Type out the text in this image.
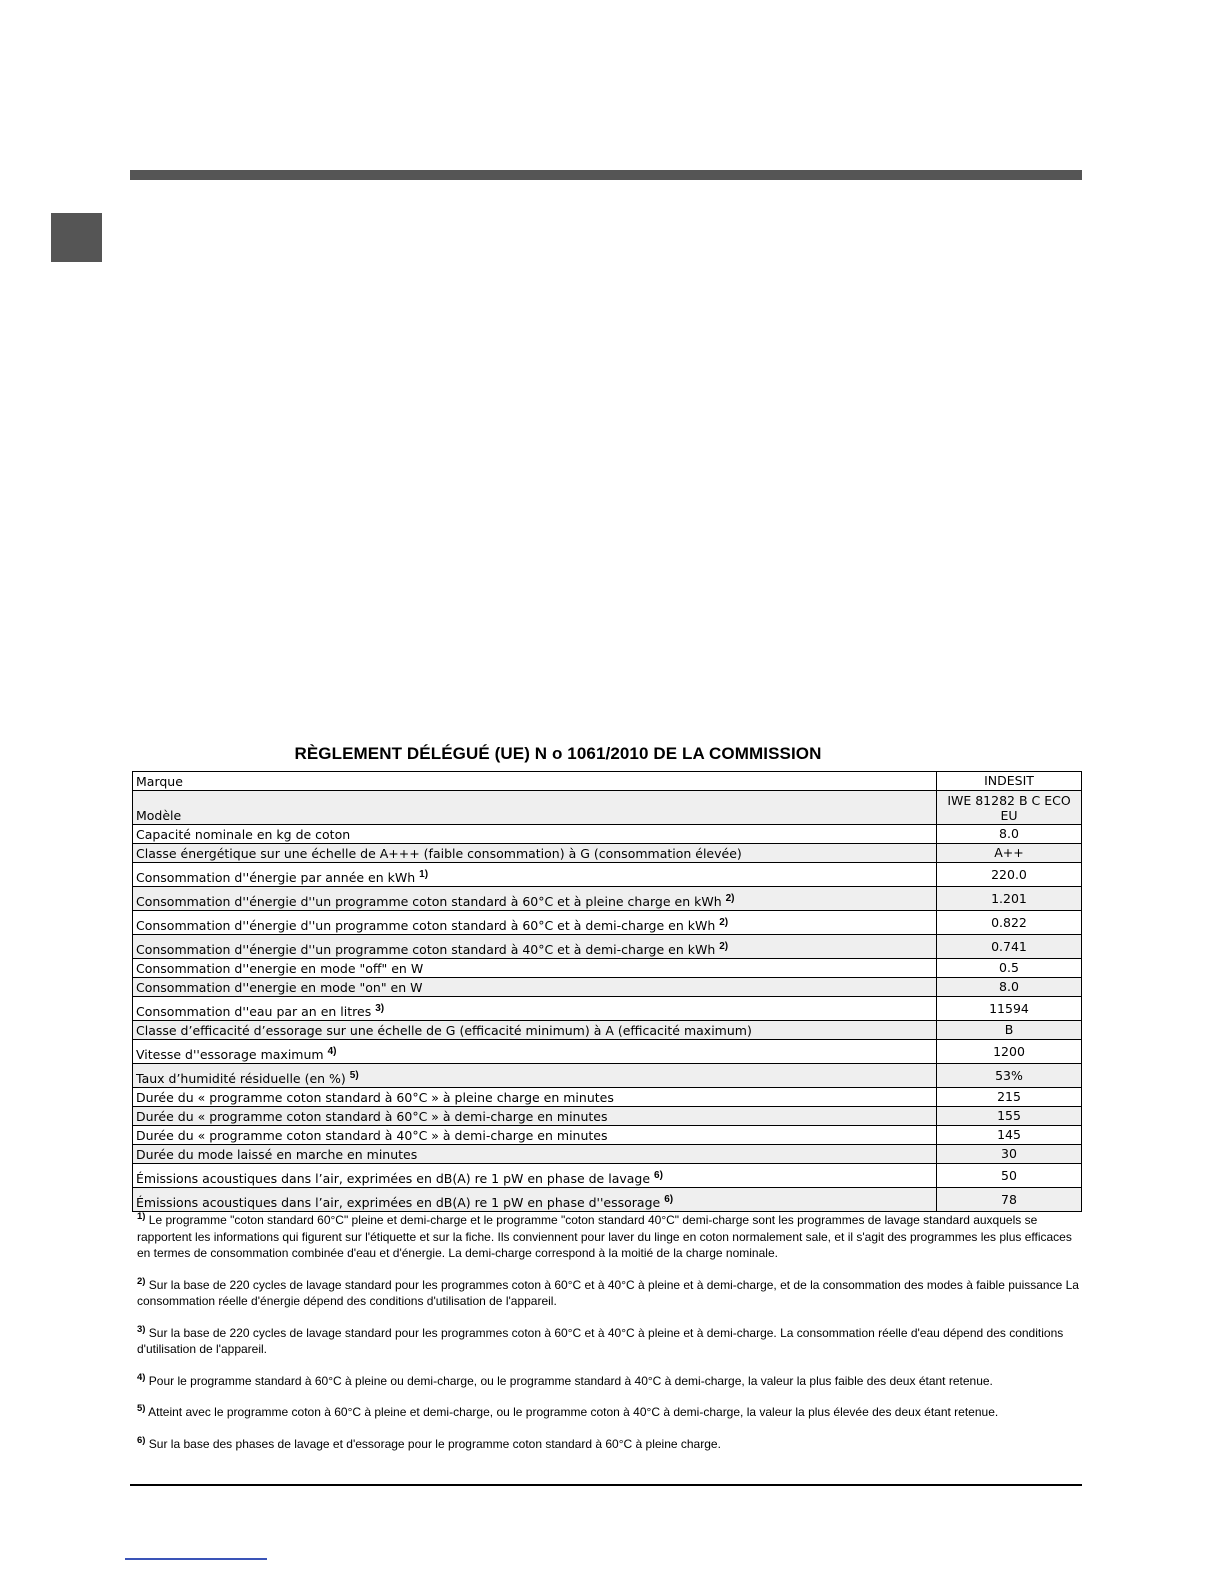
RÈGLEMENT DÉLÉGUÉ (UE) N o 1061/2010 DE LA COMMISSION
Marque	INDESIT
Modèle	IWE 81282 B C ECO EU
Capacité nominale en kg de coton	8.0
Classe énergétique sur une échelle de A+++ (faible consommation) à G (consommation élevée)	A++
Consommation d''énergie par année en kWh $^{1)}$	220.0
Consommation d''énergie d''un programme coton standard à 60°C et à pleine charge en kWh $^{2)}$	1.201
Consommation d''énergie d''un programme coton standard à 60°C et à demi-charge en kWh $^{2)}$	0.822
Consommation d''énergie d''un programme coton standard à 40°C et à demi-charge en kWh $^{2)}$	0.741
Consommation d''energie en mode "off" en W	0.5
Consommation d''energie en mode "on" en W	8.0
Consommation d''eau par an en litres $^{3)}$	11594
Classe d’efficacité d’essorage sur une échelle de G (efficacité minimum) à A (efficacité maximum)	B
Vitesse d''essorage maximum $^{4)}$	1200
Taux d’humidité résiduelle (en %) $^{5)}$	53%
Durée du « programme coton standard à 60°C » à pleine charge en minutes	215
Durée du « programme coton standard à 60°C » à demi-charge en minutes	155
Durée du « programme coton standard à 40°C » à demi-charge en minutes	145
Durée du mode laissé en marche en minutes	30
Émissions acoustiques dans l’air, exprimées en dB(A) re 1 pW en phase de lavage $^{6)}$	50
Émissions acoustiques dans l’air, exprimées en dB(A) re 1 pW en phase d''essorage $^{6)}$	78
$^{1)}$ Le programme "coton standard 60°C" pleine et demi-charge et le programme "coton standard 40°C" demi-charge sont les programmes de lavage standard auxquels se rapportent les informations qui figurent sur l'étiquette et sur la fiche. Ils conviennent pour laver du linge en coton normalement sale, et il s'agit des programmes les plus efficaces en termes de consommation combinée d'eau et d'énergie. La demi-charge correspond à la moitié de la charge nominale.
$^{2)}$ Sur la base de 220 cycles de lavage standard pour les programmes coton à 60°C et à 40°C à pleine et à demi-charge, et de la consommation des modes à faible puissance La consommation réelle d'énergie dépend des conditions d'utilisation de l'appareil.
$^{3)}$ Sur la base de 220 cycles de lavage standard pour les programmes coton à 60°C et à 40°C à pleine et à demi-charge. La consommation réelle d'eau dépend des conditions d'utilisation de l'appareil.
$^{4)}$ Pour le programme standard à 60°C à pleine ou demi-charge, ou le programme standard à 40°C à demi-charge, la valeur la plus faible des deux étant retenue.
$^{5)}$ Atteint avec le programme coton à 60°C à pleine et demi-charge, ou le programme coton à 40°C à demi-charge, la valeur la plus élevée des deux étant retenue.
$^{6)}$ Sur la base des phases de lavage et d'essorage pour le programme coton standard à 60°C à pleine charge.
